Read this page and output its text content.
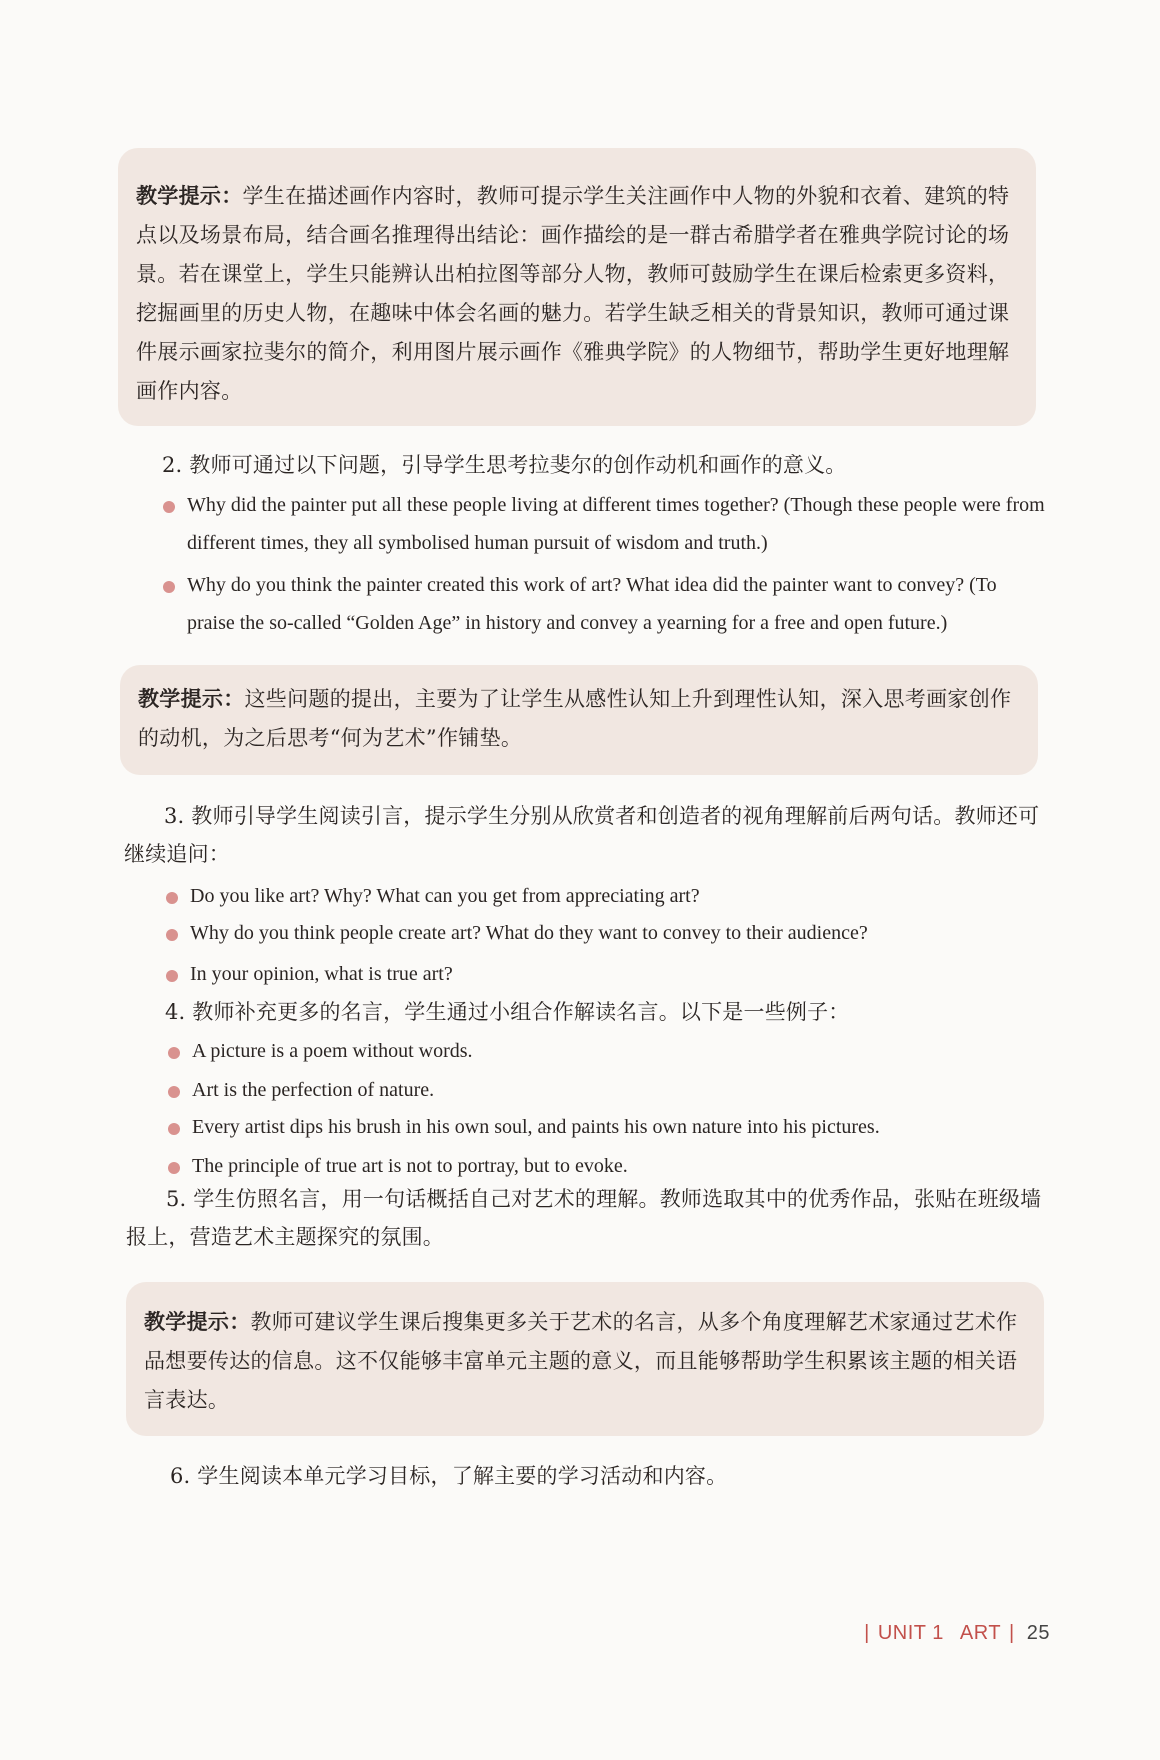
教学提示：学生在描述画作内容时，教师可提示学生关注画作中人物的外貌和衣着、建筑的特点以及场景布局，结合画名推理得出结论：画作描绘的是一群古希腊学者在雅典学院讨论的场景。若在课堂上，学生只能辨认出柏拉图等部分人物，教师可鼓励学生在课后检索更多资料，挖掘画里的历史人物，在趣味中体会名画的魅力。若学生缺乏相关的背景知识，教师可通过课件展示画家拉斐尔的简介，利用图片展示画作《雅典学院》的人物细节，帮助学生更好地理解画作内容。
2. 教师可通过以下问题，引导学生思考拉斐尔的创作动机和画作的意义。
Why did the painter put all these people living at different times together? (Though these people were from different times, they all symbolised human pursuit of wisdom and truth.)
Why do you think the painter created this work of art? What idea did the painter want to convey? (To praise the so-called “Golden Age” in history and convey a yearning for a free and open future.)
教学提示：这些问题的提出，主要为了让学生从感性认知上升到理性认知，深入思考画家创作的动机，为之后思考“何为艺术”作铺垫。
3. 教师引导学生阅读引言，提示学生分别从欣赏者和创造者的视角理解前后两句话。教师还可继续追问：
Do you like art? Why? What can you get from appreciating art?
Why do you think people create art? What do they want to convey to their audience?
In your opinion, what is true art?
4. 教师补充更多的名言，学生通过小组合作解读名言。以下是一些例子：
A picture is a poem without words.
Art is the perfection of nature.
Every artist dips his brush in his own soul, and paints his own nature into his pictures.
The principle of true art is not to portray, but to evoke.
5. 学生仿照名言，用一句话概括自己对艺术的理解。教师选取其中的优秀作品，张贴在班级墙报上，营造艺术主题探究的氛围。
教学提示：教师可建议学生课后搜集更多关于艺术的名言，从多个角度理解艺术家通过艺术作品想要传达的信息。这不仅能够丰富单元主题的意义，而且能够帮助学生积累该主题的相关语言表达。
6. 学生阅读本单元学习目标，了解主要的学习活动和内容。
| UNIT 1 ART | 25
